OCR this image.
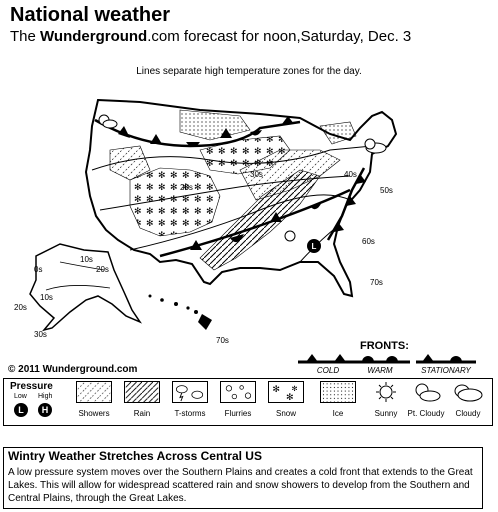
National weather
The Wunderground.com forecast for noon,Saturday, Dec. 3
Lines separate high temperature zones for the day.
L
20s
30s	40s
50s
60s
70s
0s
10s
20s
30s
10s
20s
70s
© 2011 Wunderground.com
FRONTS:
COLD	WARM	STATIONARY
Pressure
Low High
L	H	Showers	Rain	T-storms	Flurries
✻
✻
✻
Snow	Ice	Sunny	Pt. Cloudy	Cloudy
Wintry Weather Stretches Across Central US

A low pressure system moves over the Southern Plains and creates a cold front that extends to the Great Lakes. This will allow for widespread scattered rain and snow showers to develop from the Southern and Central Plains, through the Great Lakes.
